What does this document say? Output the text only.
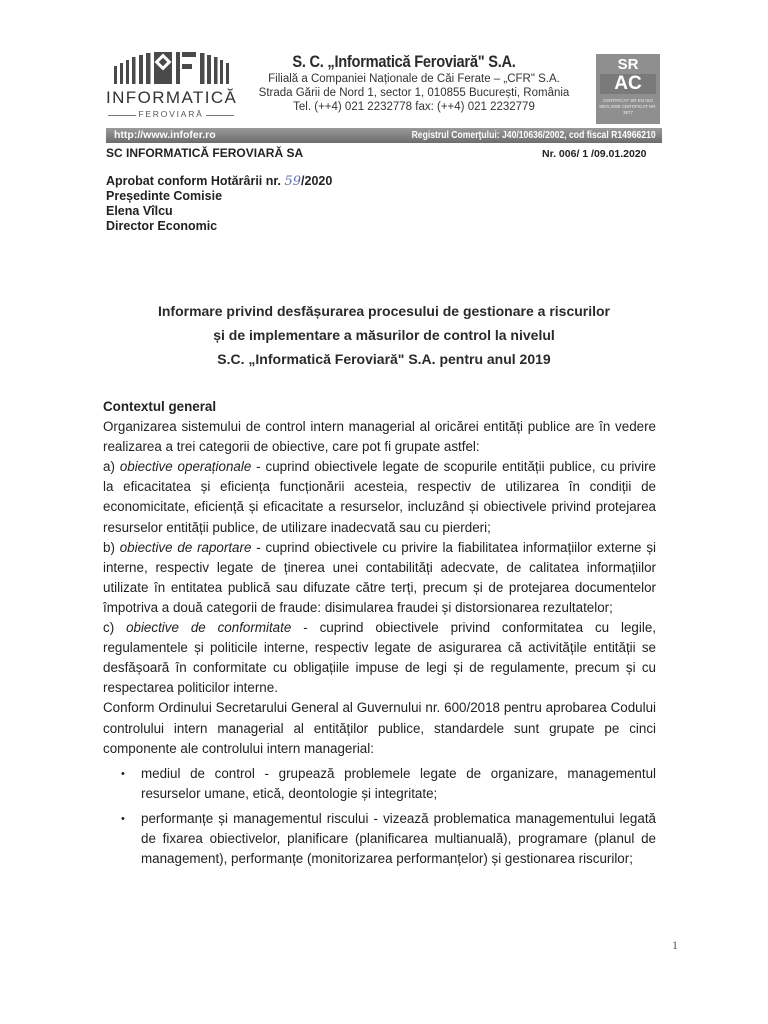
INFORMATICĂ
FEROVIARĂ
S. C. „Informatică Feroviară" S.A.
Filială a Companiei Naționale de Căi Ferate – „CFR" S.A.
Strada Gării de Nord 1, sector 1, 010855 București, România
Tel. (++4) 021 2232778 fax: (++4) 021 2232779
SR
AC
CERTIFICAT SR EN ISO 9001:2008 CERTIFICAT NR. 3877
http://www.infofer.ro	Registrul Comerţului: J40/10636/2002, cod fiscal R14966210
SC INFORMATICĂ FEROVIARĂ SA	Nr. 006/ 1 /09.01.2020
Aprobat conform Hotărârii nr. 59/2020
Președinte Comisie
Elena Vîlcu
Director Economic
Informare privind desfășurarea procesului de gestionare a riscurilor
și de implementare a măsurilor de control la nivelul
S.C. „Informatică Feroviară" S.A. pentru anul 2019
Contextul general
Organizarea sistemului de control intern managerial al oricărei entități publice are în vedere realizarea a trei categorii de obiective, care pot fi grupate astfel:
a) obiective operaționale - cuprind obiectivele legate de scopurile entității publice, cu privire la eficacitatea și eficiența funcționării acesteia, respectiv de utilizarea în condiții de economicitate, eficiență și eficacitate a resurselor, incluzând și obiectivele privind protejarea resurselor entității publice, de utilizare inadecvată sau cu pierderi;
b) obiective de raportare - cuprind obiectivele cu privire la fiabilitatea informațiilor externe și interne, respectiv legate de ținerea unei contabilități adecvate, de calitatea informațiilor utilizate în entitatea publică sau difuzate către terți, precum și de protejarea documentelor împotriva a două categorii de fraude: disimularea fraudei și distorsionarea rezultatelor;
c) obiective de conformitate - cuprind obiectivele privind conformitatea cu legile, regulamentele și politicile interne, respectiv legate de asigurarea că activitățile entității se desfășoară în conformitate cu obligațiile impuse de legi și de regulamente, precum și cu respectarea politicilor interne.
Conform Ordinului Secretarului General al Guvernului nr. 600/2018 pentru aprobarea Codului controlului intern managerial al entităților publice, standardele sunt grupate pe cinci componente ale controlului intern managerial:
• mediul de control - grupează problemele legate de organizare, managementul resurselor umane, etică, deontologie și integritate;
• performanțe și managementul riscului - vizează problematica managementului legată de fixarea obiectivelor, planificare (planificarea multianuală), programare (planul de management), performanțe (monitorizarea performanțelor) și gestionarea riscurilor;
1
